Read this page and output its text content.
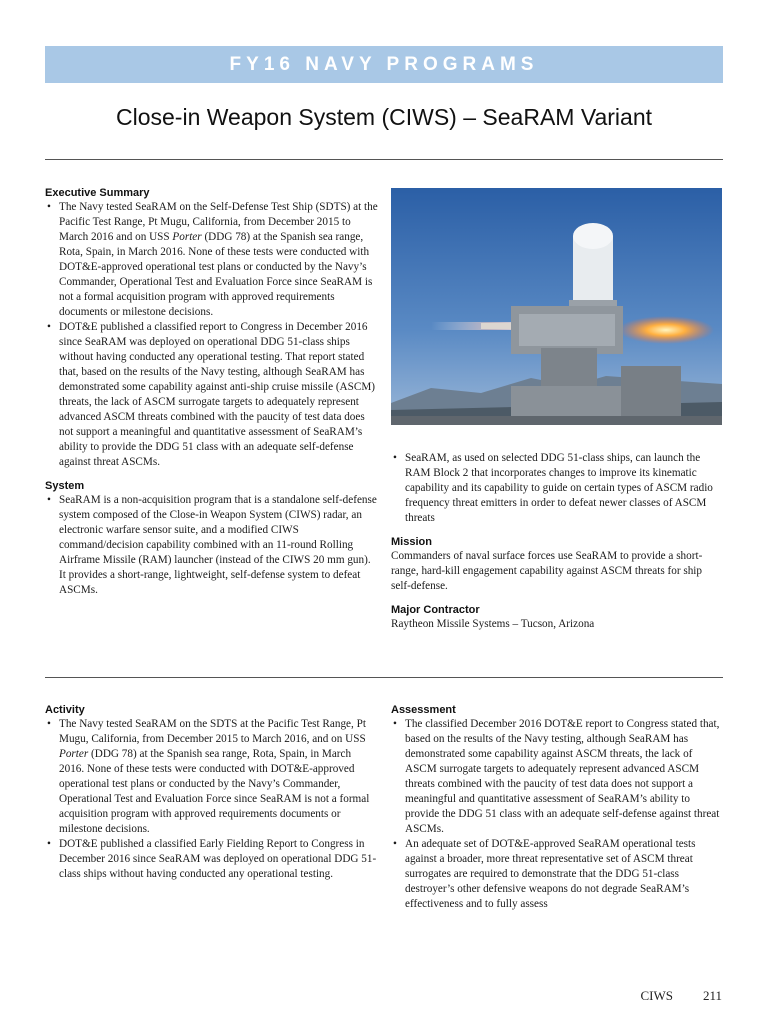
FY16 NAVY PROGRAMS
Close-in Weapon System (CIWS) – SeaRAM Variant
Executive Summary
• The Navy tested SeaRAM on the Self-Defense Test Ship (SDTS) at the Pacific Test Range, Pt Mugu, California, from December 2015 to March 2016 and on USS Porter (DDG 78) at the Spanish sea range, Rota, Spain, in March 2016. None of these tests were conducted with DOT&E-approved operational test plans or conducted by the Navy’s Commander, Operational Test and Evaluation Force since SeaRAM is not a formal acquisition program with approved requirements documents or milestone decisions.
• DOT&E published a classified report to Congress in December 2016 since SeaRAM was deployed on operational DDG 51-class ships without having conducted any operational testing. That report stated that, based on the results of the Navy testing, although SeaRAM has demonstrated some capability against anti-ship cruise missile (ASCM) threats, the lack of ASCM surrogate targets to adequately represent advanced ASCM threats combined with the paucity of test data does not support a meaningful and quantitative assessment of SeaRAM’s ability to provide the DDG 51 class with an adequate self-defense against threat ASCMs.
System
• SeaRAM is a non-acquisition program that is a standalone self-defense system composed of the Close-in Weapon System (CIWS) radar, an electronic warfare sensor suite, and a modified CIWS command/decision capability combined with an 11-round Rolling Airframe Missile (RAM) launcher (instead of the CIWS 20 mm gun). It provides a short-range, lightweight, self-defense system to defeat ASCMs.
• SeaRAM, as used on selected DDG 51-class ships, can launch the RAM Block 2 that incorporates changes to improve its kinematic capability and its capability to guide on certain types of ASCM radio frequency threat emitters in order to defeat newer classes of ASCM threats
Mission

Commanders of naval surface forces use SeaRAM to provide a short-range, hard-kill engagement capability against ASCM threats for ship self-defense.

Major Contractor

Raytheon Missile Systems – Tucson, Arizona

Activity
• The Navy tested SeaRAM on the SDTS at the Pacific Test Range, Pt Mugu, California, from December 2015 to March 2016, and on USS Porter (DDG 78) at the Spanish sea range, Rota, Spain, in March 2016. None of these tests were conducted with DOT&E-approved operational test plans or conducted by the Navy’s Commander, Operational Test and Evaluation Force since SeaRAM is not a formal acquisition program with approved requirements documents or milestone decisions.
• DOT&E published a classified Early Fielding Report to Congress in December 2016 since SeaRAM was deployed on operational DDG 51-class ships without having conducted any operational testing.
Assessment
• The classified December 2016 DOT&E report to Congress stated that, based on the results of the Navy testing, although SeaRAM has demonstrated some capability against ASCM threats, the lack of ASCM surrogate targets to adequately represent advanced ASCM threats combined with the paucity of test data does not support a meaningful and quantitative assessment of SeaRAM’s ability to provide the DDG 51 class with an adequate self-defense against threat ASCMs.
• An adequate set of DOT&E-approved SeaRAM operational tests against a broader, more threat representative set of ASCM threat surrogates are required to demonstrate that the DDG 51-class destroyer’s other defensive weapons do not degrade SeaRAM’s effectiveness and to fully assess
CIWS 211
